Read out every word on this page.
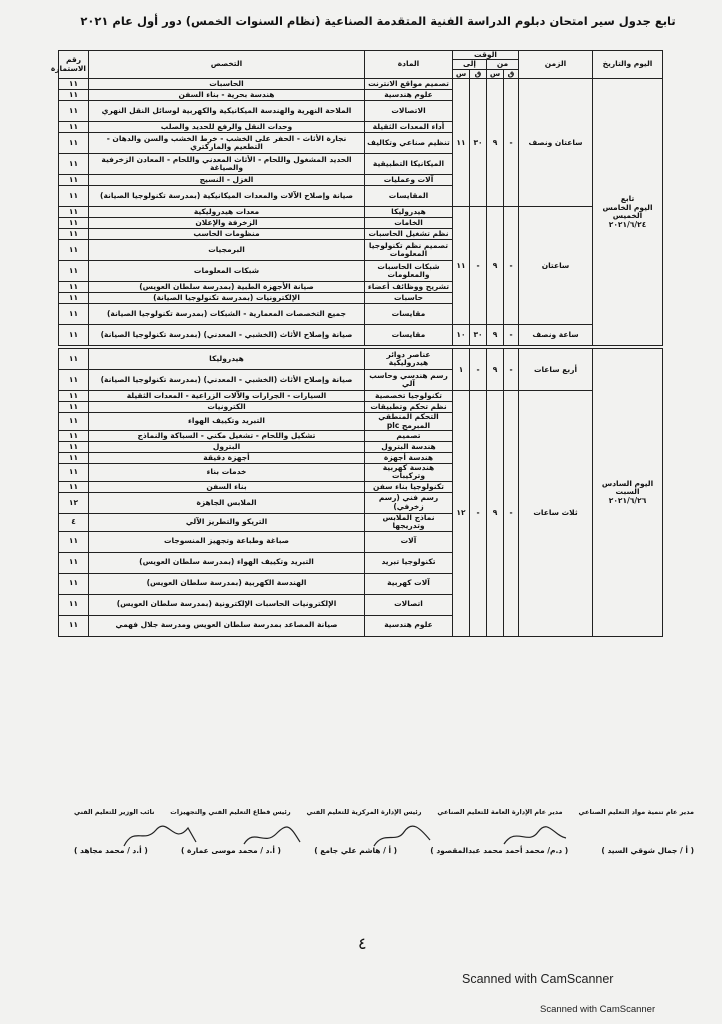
تابع جدول سير امتحان دبلوم الدراسة الفنية المتقدمة الصناعية (نظام السنوات الخمس) دور أول عام ٢٠٢١
اليوم والتاريخ	الزمن	الوقت				المادة	التخصص	رقم الاستمارة
		من		إلى				
		ق	س	ق	س			

تابع
اليوم الخامس
الخميس
٢٠٢١/٦/٢٤	ساعتان ونصف	-	٩	٣٠	١١	تصميم مواقع الانترنت	الحاسبات	١١
						علوم هندسية	هندسة بحرية - بناء السفن	١١
						الاتصالات	الملاحة النهرية والهندسة الميكانيكية والكهربية لوسائل النقل النهري	١١
						أداء المعدات الثقيلة	وحدات النقل والرفع للحديد والصلب	١١
						تنظيم صناعي وتكاليف	نجارة الأثاث - الحفر على الخشب - خرط الخشب والسن والدهان - التطعيم والماركتري	١١
						الميكانيكا التطبيقية	الحديد المشغول واللحام - الأثاث المعدني واللحام - المعادن الزخرفية والصياغة	١١
						آلات وعمليات	الغزل - النسيج	١١
						المقايسات	صيانة وإصلاح الآلات والمعدات الميكانيكية (بمدرسة تكنولوجيا الصيانة)	١١
	ساعتان	-	٩	-	١١	هيدروليكا	معدات هيدروليكية	١١
						الخامات	الزخرفة والإعلان	١١
						نظم تشغيل الحاسبات	منظومات الحاسب	١١
						تصميم نظم تكنولوجيا المعلومات	البرمجيات	١١
						شبكات الحاسبات والمعلومات	شبكات المعلومات	١١
						تشريح ووظائف أعضاء	صيانة الأجهزة الطبية (بمدرسة سلطان العويس)	١١
						حاسبات	الإلكترونيات (بمدرسة تكنولوجيا الصيانة)	١١
						مقايسات	جميع التخصصات المعمارية - الشبكات (بمدرسة تكنولوجيا الصيانة)	١١
	ساعة ونصف	-	٩	٣٠	١٠	مقايسات	صيانة وإصلاح الأثاث (الخشبي - المعدني) (بمدرسة تكنولوجيا الصيانة)	١١

اليوم السادس
السبت
٢٠٢١/٦/٢٦	أربع ساعات	-	٩	-	١	عناصر دوائر هيدروليكية	هيدروليكا	١١
						رسم هندسي وحاسب آلي	صيانة وإصلاح الأثاث (الخشبي - المعدني) (بمدرسة تكنولوجيا الصيانة)	١١
	ثلاث ساعات	-	٩	-	١٢	تكنولوجيا تخصصية	السيارات - الجرارات والآلات الزراعية - المعدات الثقيلة	١١
						نظم تحكم وتطبيقات	الكترونيات	١١
						التحكم المنطقي المبرمج plc	التبريد وتكييف الهواء	١١
						تصميم	تشكيل واللحام - تشغيل مكني - السباكة والنماذج	١١
						هندسة البترول	البترول	١١
						هندسة أجهزة	أجهزة دقيقة	١١
						هندسة كهربية وتركيبات	خدمات بناء	١١
						تكنولوجيا بناء سفن	بناء السفن	١١
						رسم فني (رسم زخرفي)	الملابس الجاهزة	١٢
						نماذج الملابس وتدريجها	التريكو والتطريز الآلي	٤
						آلات	صباغة وطباعة وتجهيز المنسوجات	١١
						تكنولوجيا تبريد	التبريد وتكييف الهواء (بمدرسة سلطان العويس)	١١
						آلات كهربية	الهندسة الكهربية (بمدرسة سلطان العويس)	١١
						اتصالات	الإلكترونيات الحاسبات الإلكترونية (بمدرسة سلطان العويس)	١١
						علوم هندسية	صيانة المصاعد بمدرسة سلطان العويس ومدرسة جلال فهمي	١١
مدير عام تنمية مواد التعليم الصناعي
مدير عام الإدارة العامة للتعليم الصناعي
رئيس الإدارة المركزية للتعليم الفني
رئيس قطاع التعليم الفني والتجهيزات
نائب الوزير للتعليم الفني
( أ / جمال شوقي السيد )
( د.م/ محمد أحمد محمد عبدالمقصود )
( أ / هاشم علي جامع )
( أ.د / محمد موسى عمارة )
( أ.د / محمد مجاهد )
٤
Scanned with CamScanner
Scanned with CamScanner
